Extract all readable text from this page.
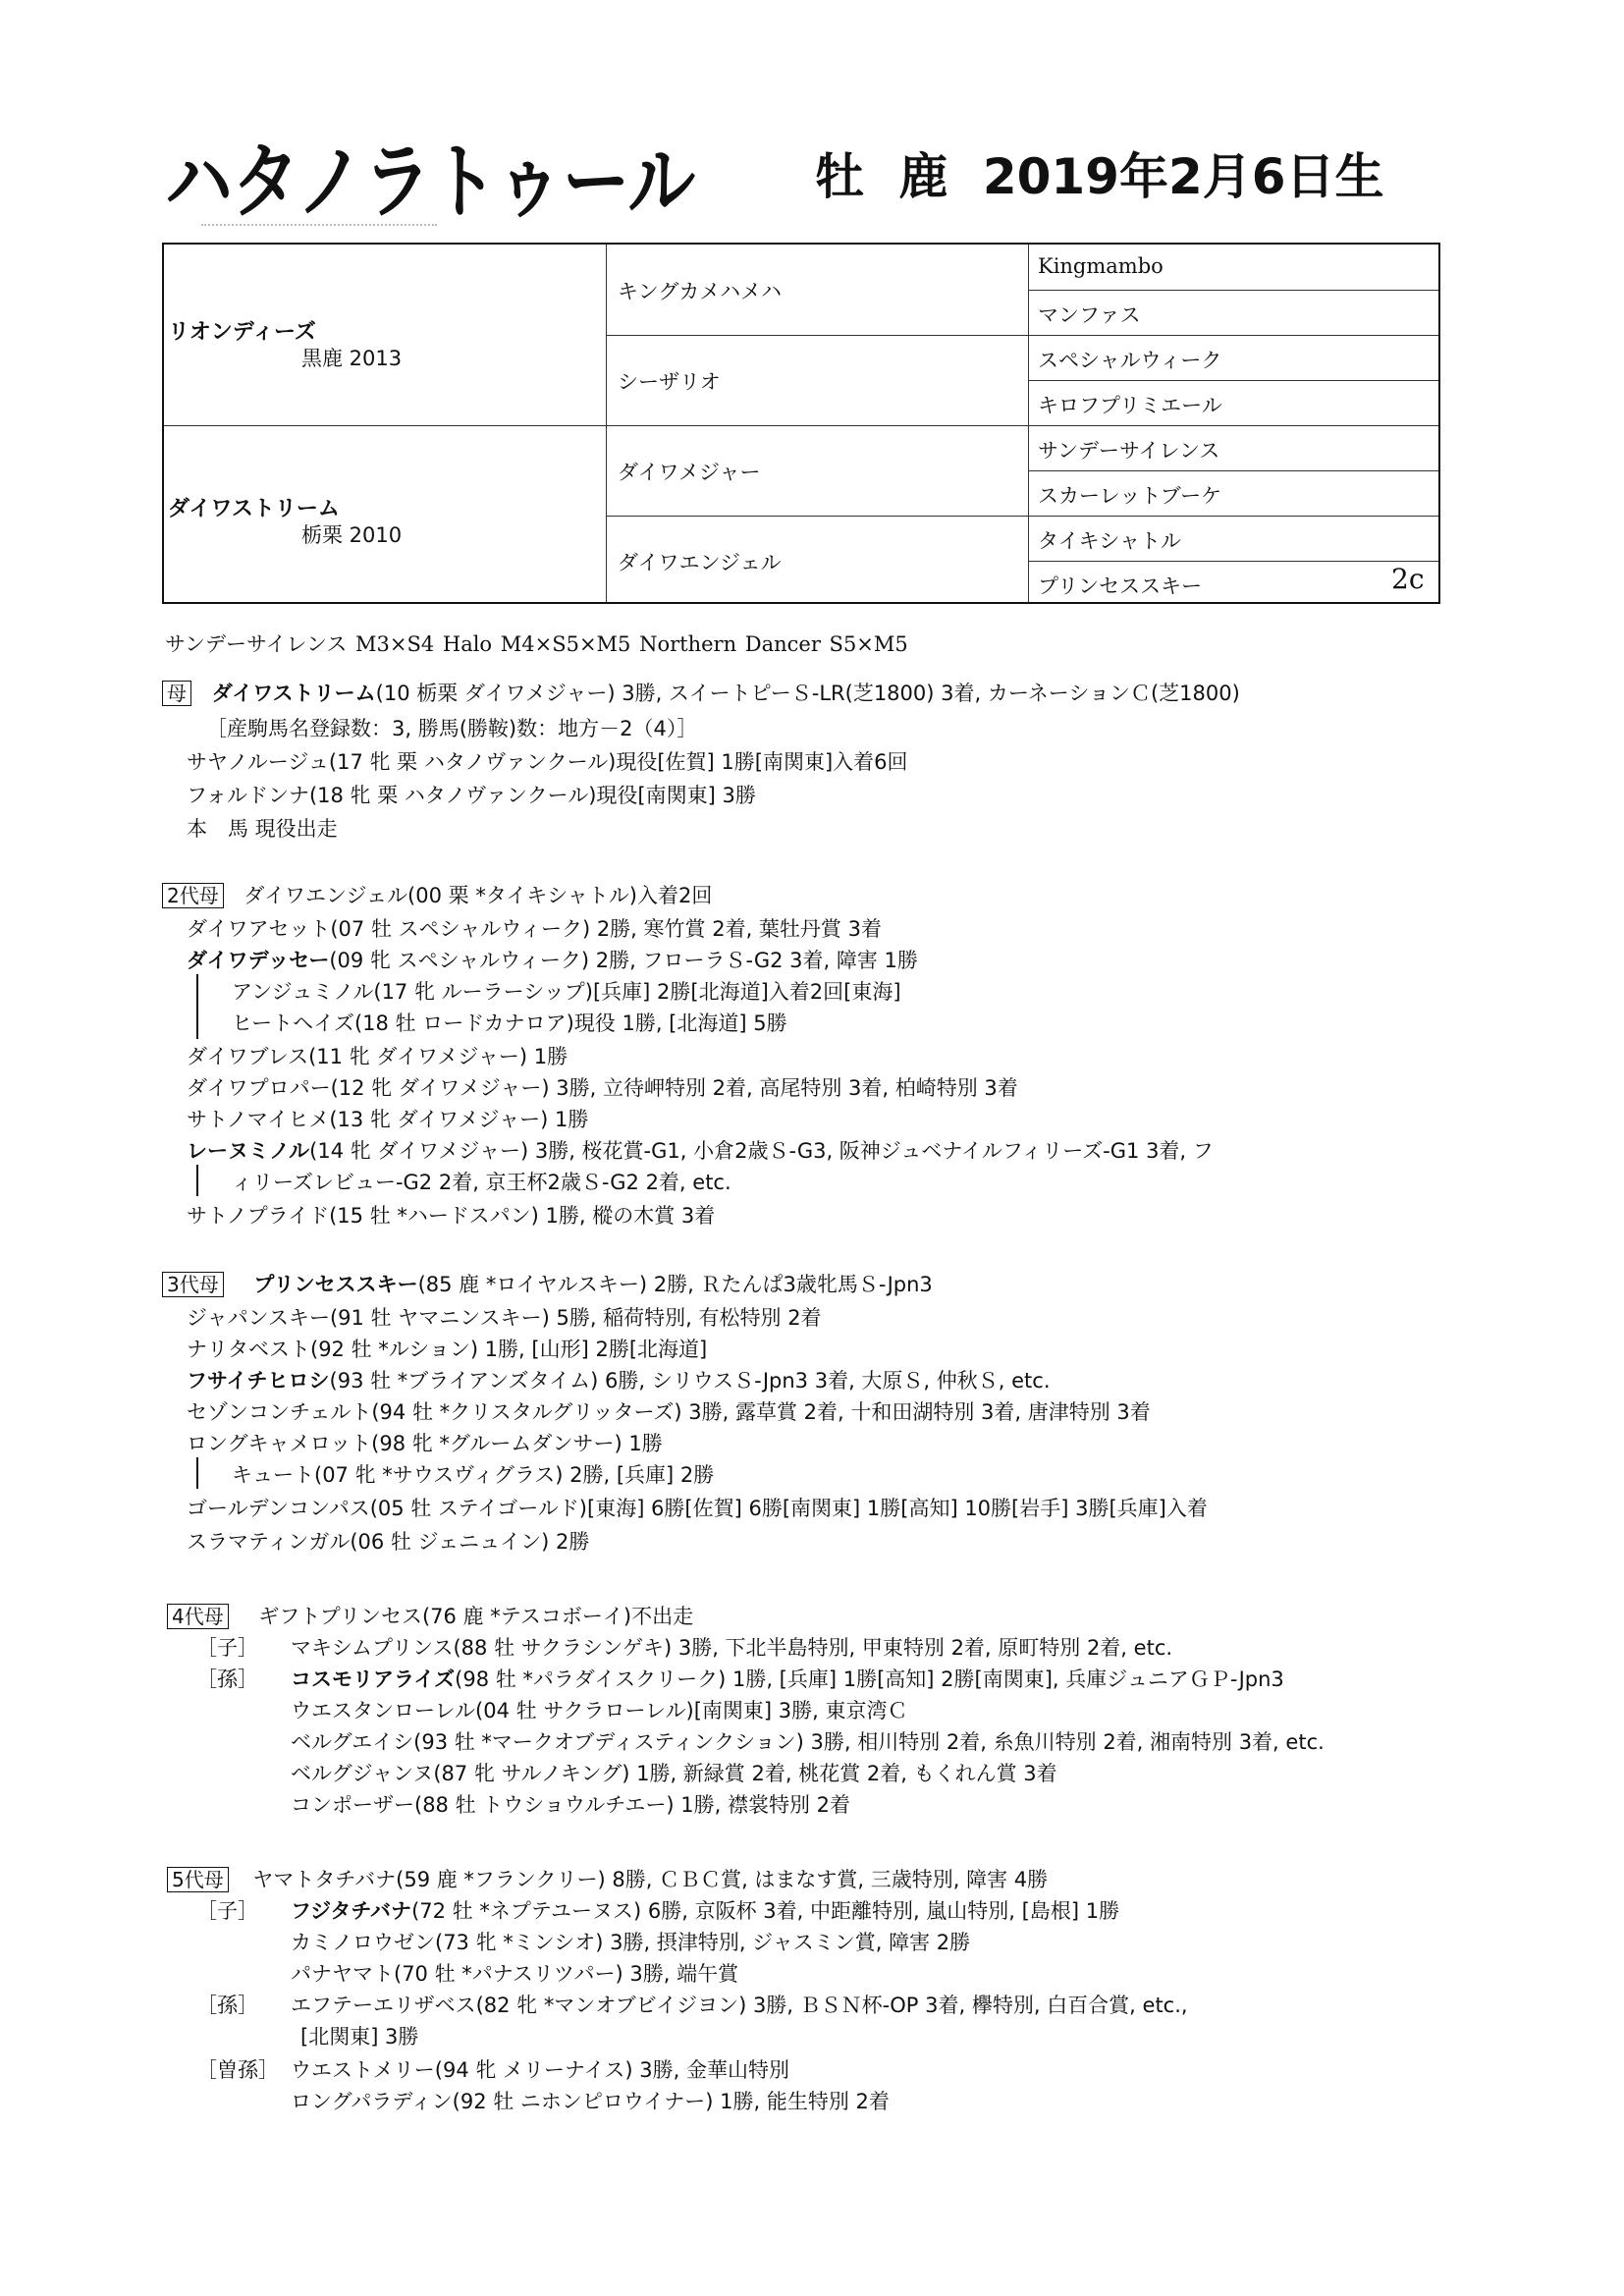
ハタノラトゥール 牡 鹿 2019年2月6日生
リオンディーズ
黒鹿 2013
ダイワストリーム
栃栗 2010
キングカメハメハ
シーザリオ
ダイワメジャー
ダイワエンジェル
Kingmambo
マンファス
スペシャルウィーク
キロフプリミエール
サンデーサイレンス
スカーレットブーケ
タイキシャトル
プリンセススキー	2c
サンデーサイレンス M3×S4 Halo M4×S5×M5 Northern Dancer S5×M5
母 ダイワストリーム(10 栃栗 ダイワメジャー) 3勝, スイートピーＳ-LR(芝1800) 3着, カーネーションＣ(芝1800)
［産駒馬名登録数：3, 勝馬(勝鞍)数：地方－2（4）］
サヤノルージュ(17 牝 栗 ハタノヴァンクール)現役[佐賀] 1勝[南関東]入着6回
フォルドンナ(18 牝 栗 ハタノヴァンクール)現役[南関東] 3勝
本　馬 現役出走
2代母 ダイワエンジェル(00 栗 *タイキシャトル)入着2回
ダイワアセット(07 牡 スペシャルウィーク) 2勝, 寒竹賞 2着, 葉牡丹賞 3着
ダイワデッセー(09 牝 スペシャルウィーク) 2勝, フローラＳ-G2 3着, 障害 1勝
アンジュミノル(17 牝 ルーラーシップ)[兵庫] 2勝[北海道]入着2回[東海]
ヒートヘイズ(18 牡 ロードカナロア)現役 1勝, [北海道] 5勝
ダイワブレス(11 牝 ダイワメジャー) 1勝
ダイワプロパー(12 牝 ダイワメジャー) 3勝, 立待岬特別 2着, 高尾特別 3着, 柏崎特別 3着
サトノマイヒメ(13 牝 ダイワメジャー) 1勝
レーヌミノル(14 牝 ダイワメジャー) 3勝, 桜花賞-G1, 小倉2歳Ｓ-G3, 阪神ジュベナイルフィリーズ-G1 3着, フ
ィリーズレビュー-G2 2着, 京王杯2歳Ｓ-G2 2着, etc.
サトノプライド(15 牡 *ハードスパン) 1勝, 樅の木賞 3着
3代母 プリンセススキー(85 鹿 *ロイヤルスキー) 2勝, Ｒたんぱ3歳牝馬Ｓ-Jpn3
ジャパンスキー(91 牡 ヤマニンスキー) 5勝, 稲荷特別, 有松特別 2着
ナリタベスト(92 牡 *ルション) 1勝, [山形] 2勝[北海道]
フサイチヒロシ(93 牡 *ブライアンズタイム) 6勝, シリウスＳ-Jpn3 3着, 大原Ｓ, 仲秋Ｓ, etc.
セゾンコンチェルト(94 牡 *クリスタルグリッターズ) 3勝, 露草賞 2着, 十和田湖特別 3着, 唐津特別 3着
ロングキャメロット(98 牝 *グルームダンサー) 1勝
キュート(07 牝 *サウスヴィグラス) 2勝, [兵庫] 2勝
ゴールデンコンパス(05 牡 ステイゴールド)[東海] 6勝[佐賀] 6勝[南関東] 1勝[高知] 10勝[岩手] 3勝[兵庫]入着
スラマティンガル(06 牡 ジェニュイン) 2勝
4代母 ギフトプリンセス(76 鹿 *テスコボーイ)不出走
［子］ マキシムプリンス(88 牡 サクラシンゲキ) 3勝, 下北半島特別, 甲東特別 2着, 原町特別 2着, etc.
［孫］ コスモリアライズ(98 牡 *パラダイスクリーク) 1勝, [兵庫] 1勝[高知] 2勝[南関東], 兵庫ジュニアＧＰ-Jpn3
ウエスタンローレル(04 牡 サクラローレル)[南関東] 3勝, 東京湾Ｃ
ベルグエイシ(93 牡 *マークオブディスティンクション) 3勝, 相川特別 2着, 糸魚川特別 2着, 湘南特別 3着, etc.
ベルグジャンヌ(87 牝 サルノキング) 1勝, 新緑賞 2着, 桃花賞 2着, もくれん賞 3着
コンポーザー(88 牡 トウショウルチエー) 1勝, 襟裳特別 2着
5代母 ヤマトタチバナ(59 鹿 *フランクリー) 8勝, ＣＢＣ賞, はまなす賞, 三歳特別, 障害 4勝
［子］ フジタチバナ(72 牡 *ネプテユーヌス) 6勝, 京阪杯 3着, 中距離特別, 嵐山特別, [島根] 1勝
カミノロウゼン(73 牝 *ミンシオ) 3勝, 摂津特別, ジャスミン賞, 障害 2勝
パナヤマト(70 牡 *パナスリツパー) 3勝, 端午賞
［孫］ エフテーエリザベス(82 牝 *マンオブビイジヨン) 3勝, ＢＳＮ杯-OP 3着, 欅特別, 白百合賞, etc.,
[北関東] 3勝
［曽孫］ ウエストメリー(94 牝 メリーナイス) 3勝, 金華山特別
ロングパラディン(92 牡 ニホンピロウイナー) 1勝, 能生特別 2着
